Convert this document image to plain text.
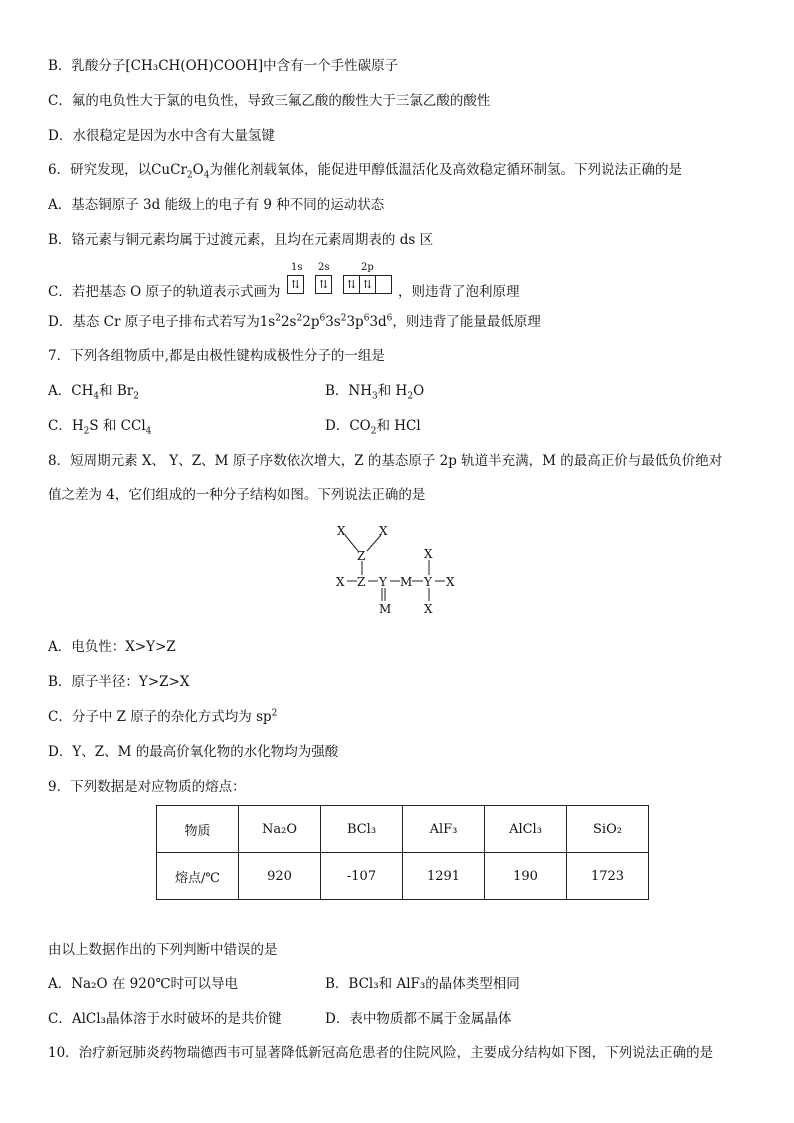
B．乳酸分子[CH₃CH(OH)COOH]中含有一个手性碳原子
C．氟的电负性大于氯的电负性，导致三氟乙酸的酸性大于三氯乙酸的酸性
D．水很稳定是因为水中含有大量氢键
6．研究发现，以$CuCr_2O_4$为催化剂载氧体，能促进甲醇低温活化及高效稳定循环制氢。下列说法正确的是
A．基态铜原子 3d 能级上的电子有 9 种不同的运动状态
B．铬元素与铜元素均属于过渡元素，且均在元素周期表的 ds 区
C．若把基态 O 原子的轨道表示式画为
1s 2s	2p
⇅ ⇅ ⇅ ⇅	，则违背了泡利原理
D．基态 Cr 原子电子排布式若写为$1s^22s^22p^63s^23p^63d^6$，则违背了能量最低原理
7．下列各组物质中,都是由极性键构成极性分子的一组是
A．$CH_4$和 $Br_2$	B．$NH_3$和 $H_2O$
C．$H_2S$ 和 CCl$_4$	D．$CO_2$和 HCl
8．短周期元素 X、 Y、Z、M 原子序数依次增大，Z 的基态原子 2p 轨道半充满，M 的最高正价与最低负价绝对
值之差为 4，它们组成的一种分子结构如图。下列说法正确的是
X	X
Z	X
X Z Y M Y X
M	X
A．电负性：X>Y>Z
B．原子半径：Y>Z>X
C．分子中 Z 原子的杂化方式均为 $sp^2$
D．Y、Z、M 的最高价氧化物的水化物均为强酸
9．下列数据是对应物质的熔点：
物质	Na₂O	BCl₃	AlF₃	AlCl₃	SiO₂
熔点/℃	920	-107	1291	190	1723
由以上数据作出的下列判断中错误的是
A．Na₂O 在 920℃时可以导电	B．BCl₃和 AlF₃的晶体类型相同
C．AlCl₃晶体溶于水时破坏的是共价键	D．表中物质都不属于金属晶体
10．治疗新冠肺炎药物瑞德西韦可显著降低新冠高危患者的住院风险，主要成分结构如下图，下列说法正确的是
